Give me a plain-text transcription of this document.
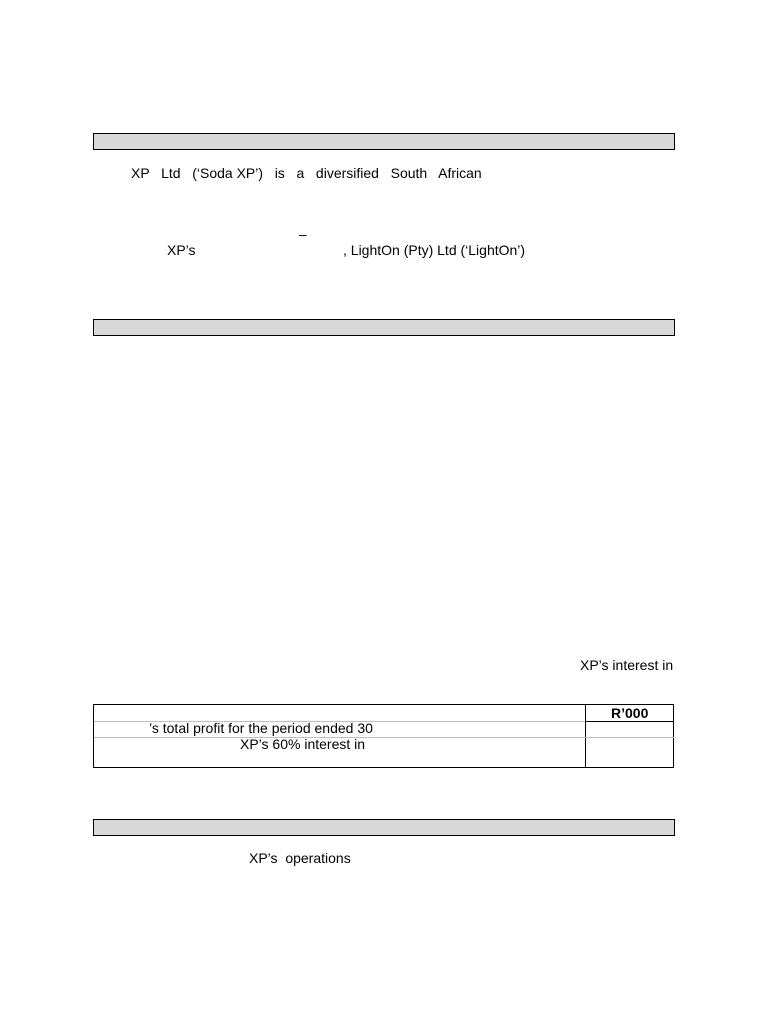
XP   Ltd   (‘Soda XP’)   is   a   diversified   South   African
–
XP’s	, LightOn (Pty) Ltd (‘LightOn’)
XP’s interest in
R’000
’s total profit for the period ended 30
XP’s 60% interest in
XP’s  operations
